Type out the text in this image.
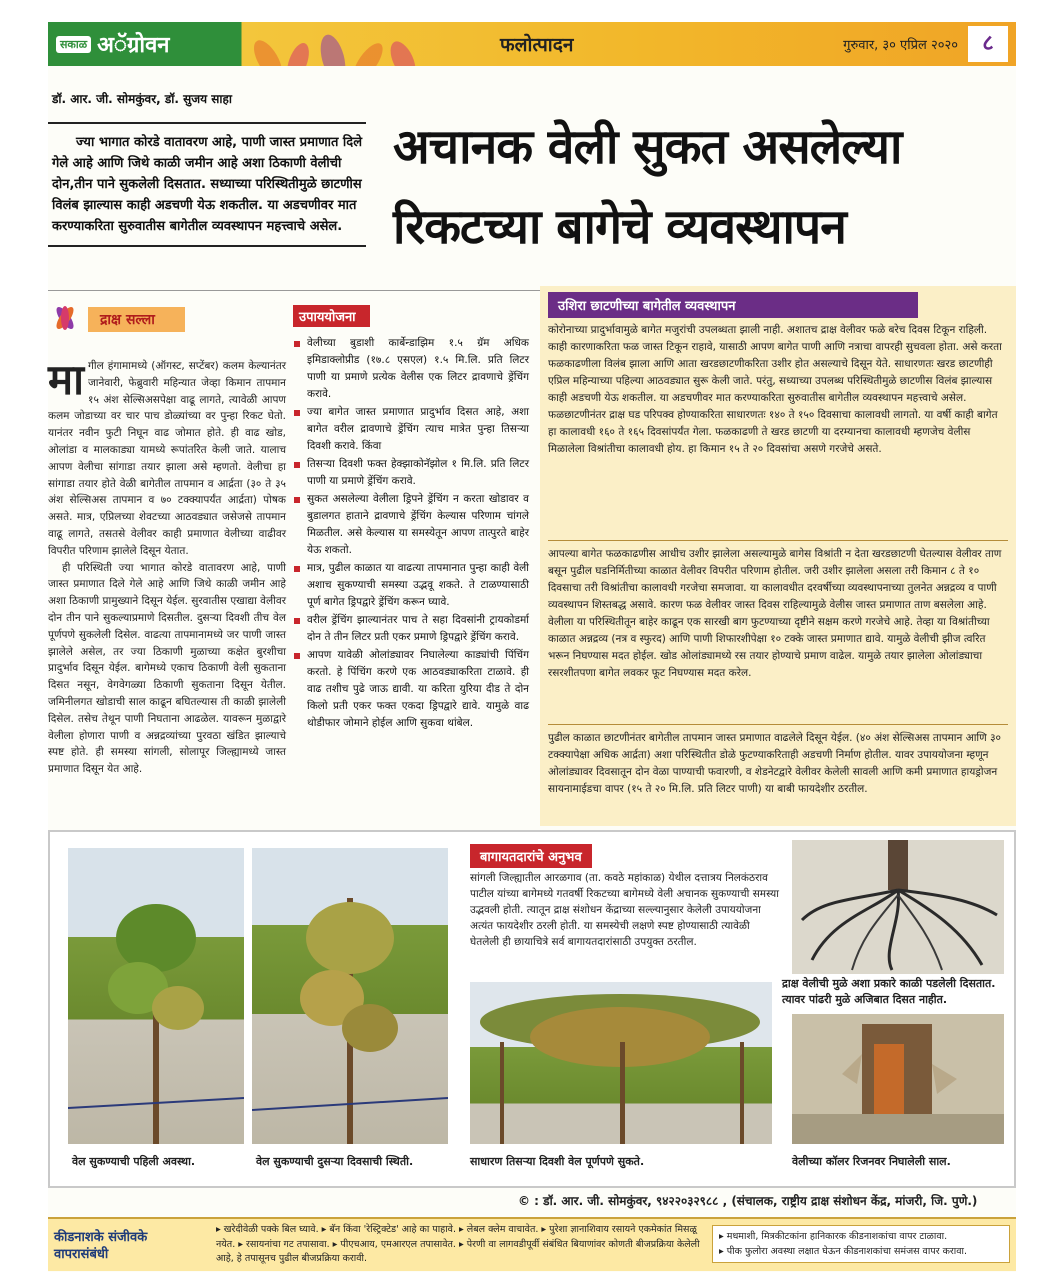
सकाळ अॅग्रोवन	फलोत्पादन	गुरुवार, ३० एप्रिल २०२०	८
डॉ. आर. जी. सोमकुंवर, डॉ. सुजय साहा
ज्या भागात कोरडे वातावरण आहे, पाणी जास्त प्रमाणात दिले गेले आहे आणि जिथे काळी जमीन आहे अशा ठिकाणी वेलीची दोन,तीन पाने सुकलेली दिसतात. सध्याच्या परिस्थितीमुळे छाटणीस विलंब झाल्यास काही अडचणी येऊ शकतील. या अडचणीवर मात करण्याकरिता सुरुवातीस बागेतील व्यवस्थापन महत्त्वाचे असेल.
अचानक वेली सुकत असलेल्या
रिकटच्या बागेचे व्यवस्थापन
द्राक्ष सल्ला
मागील हंगामामध्ये (ऑगस्ट, सप्टेंबर) कलम केल्यानंतर जानेवारी, फेब्रुवारी महिन्यात जेव्हा किमान तापमान १५ अंश सेल्सिअसपेक्षा वाढू लागते, त्यावेळी आपण कलम जोडाच्या वर चार पाच डोळ्यांच्या वर पुन्हा रिकट घेतो. यानंतर नवीन फुटी निघून वाढ जोमात होते. ही वाढ खोड, ओलांडा व मालकाड्या यामध्ये रूपांतरित केली जाते. यालाच आपण वेलीचा सांगाडा तयार झाला असे म्हणतो. वेलीचा हा सांगाडा तयार होते वेळी बागेतील तापमान व आर्द्रता (३० ते ३५ अंश सेल्सिअस तापमान व ७० टक्क्यापर्यंत आर्द्रता) पोषक असते. मात्र, एप्रिलच्या शेवटच्या आठवड्यात जसेजसे तापमान वाढू लागते, तसतसे वेलीवर काही प्रमाणात वेलीच्या वाढीवर विपरीत परिणाम झालेले दिसून येतात.

ही परिस्थिती ज्या भागात कोरडे वातावरण आहे, पाणी जास्त प्रमाणात दिले गेले आहे आणि जिथे काळी जमीन आहे अशा ठिकाणी प्रामुख्याने दिसून येईल. सुरवातीस एखाद्या वेलीवर दोन तीन पाने सुकल्याप्रमाणे दिसतील. दुसऱ्या दिवशी तीच वेल पूर्णपणे सुकलेली दिसेल. वाढत्या तापमानामध्ये जर पाणी जास्त झालेले असेल, तर ज्या ठिकाणी मुळाच्या कक्षेत बुरशीचा प्रादुर्भाव दिसून येईल. बागेमध्ये एकाच ठिकाणी वेली सुकताना दिसत नसून, वेगवेगळ्या ठिकाणी सुकताना दिसून येतील. जमिनीलगत खोडाची साल काढून बघितल्यास ती काळी झालेली दिसेल. तसेच तेथून पाणी निघताना आढळेल. यावरून मुळाद्वारे वेलीला होणारा पाणी व अन्नद्रव्यांच्या पुरवठा खंडित झाल्याचे स्पष्ट होते. ही समस्या सांगली, सोलापूर जिल्ह्यामध्ये जास्त प्रमाणात दिसून येत आहे.

उपाययोजना
वेलीच्या बुडाशी कार्बेन्डाझिम १.५ ग्रॅम अधिक इमिडाक्लोप्रीड (१७.८ एसएल) १.५ मि.लि. प्रति लिटर पाणी या प्रमाणे प्रत्येक वेलीस एक लिटर द्रावणाचे ड्रेंचिंग करावे.
ज्या बागेत जास्त प्रमाणात प्रादुर्भाव दिसत आहे, अशा बागेत वरील द्रावणाचे ड्रेंचिंग त्याच मात्रेत पुन्हा तिसऱ्या दिवशी करावे. किंवा
तिसऱ्या दिवशी फक्त हेक्झाकोनॅझोल १ मि.लि. प्रति लिटर पाणी या प्रमाणे ड्रेंचिंग करावे.
सुकत असलेल्या वेलीला ड्रिपने ड्रेंचिंग न करता खोडावर व बुडालगत हाताने द्रावणाचे ड्रेंचिंग केल्यास परिणाम चांगले मिळतील. असे केल्यास या समस्येतून आपण तात्पुरते बाहेर येऊ शकतो.
मात्र, पुढील काळात या वाढत्या तापमानात पुन्हा काही वेली अशाच सुकण्याची समस्या उद्भवू शकते. ते टाळण्यासाठी पूर्ण बागेत ड्रिपद्वारे ड्रेंचिंग करून घ्यावे.
वरील ड्रेंचिंग झाल्यानंतर पाच ते सहा दिवसांनी ट्रायकोडर्मा दोन ते तीन लिटर प्रती एकर प्रमाणे ड्रिपद्वारे ड्रेंचिंग करावे.
आपण यावेळी ओलांड्यावर निघालेल्या काड्यांची पिंचिंग करतो. हे पिंचिंग करणे एक आठवड्याकरिता टाळावे. ही वाढ तशीच पुढे जाऊ द्यावी. या करिता युरिया दीड ते दोन किलो प्रती एकर फक्त एकदा ड्रिपद्वारे द्यावे. यामुळे वाढ थोडीफार जोमाने होईल आणि सुकवा थांबेल.
उशिरा छाटणीच्या बागेतील व्यवस्थापन
कोरोनाच्या प्रादुर्भावामुळे बागेत मजुरांची उपलब्धता झाली नाही. अशातच द्राक्ष वेलीवर फळे बरेच दिवस टिकून राहिली. काही कारणाकरिता फळ जास्त टिकून राहावे, यासाठी आपण बागेत पाणी आणि नत्राचा वापरही सुचवला होता. असे करता फळकाढणीला विलंब झाला आणि आता खरडछाटणीकरिता उशीर होत असल्याचे दिसून येते. साधारणतः खरड छाटणीही एप्रिल महिन्याच्या पहिल्या आठवड्यात सुरू केली जाते. परंतु, सध्याच्या उपलब्ध परिस्थितीमुळे छाटणीस विलंब झाल्यास काही अडचणी येऊ शकतील. या अडचणीवर मात करण्याकरिता सुरुवातीस बागेतील व्यवस्थापन महत्त्वाचे असेल. फळछाटणीनंतर द्राक्ष घड परिपक्व होण्याकरिता साधारणतः १४० ते १५० दिवसाचा कालावधी लागतो. या वर्षी काही बागेत हा कालावधी १६० ते १६५ दिवसांपर्यंत गेला. फळकाढणी ते खरड छाटणी या दरम्यानचा कालावधी म्हणजेच वेलीस मिळालेला विश्रांतीचा कालावधी होय. हा किमान १५ ते २० दिवसांचा असणे गरजेचे असते.
आपल्या बागेत फळकाढणीस आधीच उशीर झालेला असल्यामुळे बागेस विश्रांती न देता खरडछाटणी घेतल्यास वेलीवर ताण बसून पुढील घडनिर्मितीच्या काळात वेलीवर विपरीत परिणाम होतील. जरी उशीर झालेला असला तरी किमान ८ ते १० दिवसाचा तरी विश्रांतीचा कालावधी गरजेचा समजावा. या कालावधीत दरवर्षीच्या व्यवस्थापनाच्या तुलनेत अन्नद्रव्य व पाणी व्यवस्थापन शिस्तबद्ध असावे. कारण फळ वेलीवर जास्त दिवस राहिल्यामुळे वेलीस जास्त प्रमाणात ताण बसलेला आहे. वेलीला या परिस्थितीतून बाहेर काढून एक सारखी बाग फुटण्याच्या दृष्टीने सक्षम करणे गरजेचे आहे. तेव्हा या विश्रांतीच्या काळात अन्नद्रव्य (नत्र व स्फुरद) आणि पाणी शिफारशीपेक्षा १० टक्के जास्त प्रमाणात द्यावे. यामुळे वेलीची झीज त्वरित भरून निघण्यास मदत होईल. खोड ओलांड्यामध्ये रस तयार होण्याचे प्रमाण वाढेल. यामुळे तयार झालेला ओलांड्याचा रसरशीतपणा बागेत लवकर फूट निघण्यास मदत करेल.
पुढील काळात छाटणीनंतर बागेतील तापमान जास्त प्रमाणात वाढलेले दिसून येईल. (४० अंश सेल्सिअस तापमान आणि ३० टक्क्यापेक्षा अधिक आर्द्रता) अशा परिस्थितीत डोळे फुटण्याकरिताही अडचणी निर्माण होतील. यावर उपाययोजना म्हणून ओलांड्यावर दिवसातून दोन वेळा पाण्याची फवारणी, व शेडनेटद्वारे वेलीवर केलेली सावली आणि कमी प्रमाणात हायड्रोजन सायनामाईडचा वापर (१५ ते २० मि.लि. प्रति लिटर पाणी) या बाबी फायदेशीर ठरतील.
बागायतदारांचे अनुभव
सांगली जिल्ह्यातील आरळगाव (ता. कवठे महांकाळ) येथील दत्तात्रय निलकंठराव पाटील यांच्या बागेमध्ये गतवर्षी रिकटच्या बागेमध्ये वेली अचानक सुकण्याची समस्या उद्भवली होती. त्यातून द्राक्ष संशोधन केंद्राच्या सल्ल्यानुसार केलेली उपाययोजना अत्यंत फायदेशीर ठरली होती. या समस्येची लक्षणे स्पष्ट होण्यासाठी त्यावेळी घेतलेली ही छायाचित्रे सर्व बागायतदारांसाठी उपयुक्त ठरतील.
द्राक्ष वेलीची मुळे अशा प्रकारे काळी पडलेली दिसतात. त्यावर पांढरी मुळे अजिबात दिसत नाहीत.
वेल सुकण्याची पहिली अवस्था.	वेल सुकण्याची दुसऱ्या दिवसाची स्थिती.	साधारण तिसऱ्या दिवशी वेल पूर्णपणे सुकते.	वेलीच्या कॉलर रिजनवर निघालेली साल.
© : डॉ. आर. जी. सोमकुंवर, ९४२२०३२९८८ , (संचालक, राष्ट्रीय द्राक्ष संशोधन केंद्र, मांजरी, जि. पुणे.)
कीडनाशके संजीवके वापरासंबंधी
▸ खरेदीवेळी पक्के बिल घ्यावे. ▸ बॅन किंवा 'रेस्ट्रिक्टेड' आहे का पाहावे. ▸ लेबल क्लेम वाचावेत. ▸ पुरेशा ज्ञानाशिवाय रसायने एकमेकांत मिसळू नयेत. ▸ रसायनांचा गट तपासावा. ▸ पीएचआय, एमआरएल तपासावेत. ▸ पेरणी वा लागवडीपूर्वी संबंधित बियाणांवर कोणती बीजप्रक्रिया केलेली आहे, हे तपासूनच पुढील बीजप्रक्रिया करावी.
▸ मधमाशी, मित्रकीटकांना हानिकारक कीडनाशकांचा वापर टाळावा.
▸ पीक फुलोरा अवस्था लक्षात घेऊन कीडनाशकांचा समंजस वापर करावा.
